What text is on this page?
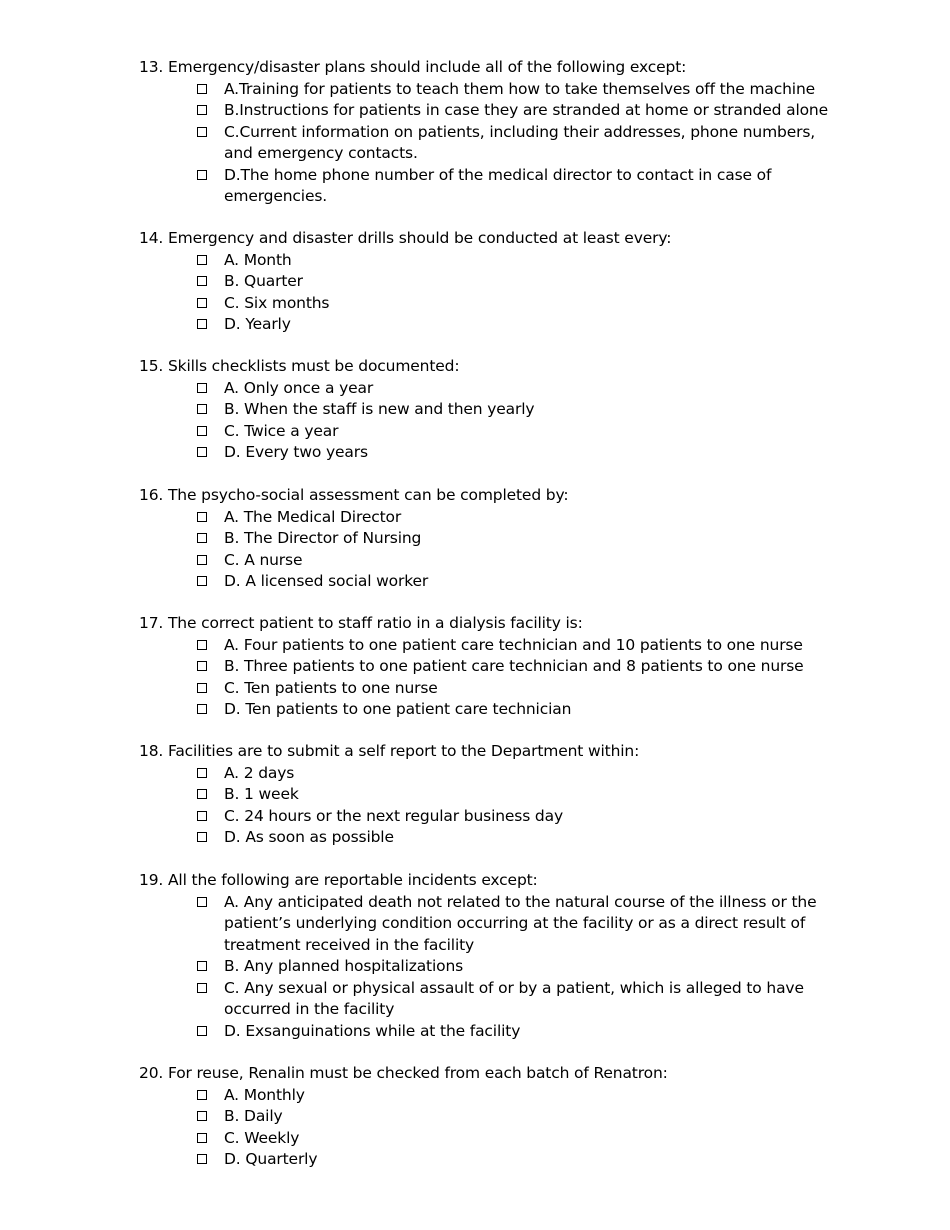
13. Emergency/disaster plans should include all of the following except:
A.Training for patients to teach them how to take themselves off the machine
B.Instructions for patients in case they are stranded at home or stranded alone
C.Current information on patients, including their addresses, phone numbers, and emergency contacts.
D.The home phone number of the medical director to contact in case of emergencies.
14. Emergency and disaster drills should be conducted at least every:
A. Month
B. Quarter
C. Six months
D. Yearly
15. Skills checklists must be documented:
A. Only once a year
B. When the staff is new and then yearly
C. Twice a year
D. Every two years
16. The psycho-social assessment can be completed by:
A. The Medical Director
B. The Director of Nursing
C. A nurse
D. A licensed social worker
17. The correct patient to staff ratio in a dialysis facility is:
A. Four patients to one patient care technician and 10 patients to one nurse
B. Three patients to one patient care technician and 8 patients to one nurse
C. Ten patients to one nurse
D. Ten patients to one patient care technician
18. Facilities are to submit a self report to the Department within:
A. 2 days
B. 1 week
C. 24 hours or the next regular business day
D. As soon as possible
19. All the following are reportable incidents except:
A. Any anticipated death not related to the natural course of the illness or the patient’s underlying condition occurring at the facility or as a direct result of treatment received in the facility
B. Any planned hospitalizations
C. Any sexual or physical assault of or by a patient, which is alleged to have occurred in the facility
D. Exsanguinations while at the facility
20. For reuse, Renalin must be checked from each batch of Renatron:
A. Monthly
B. Daily
C. Weekly
D. Quarterly
